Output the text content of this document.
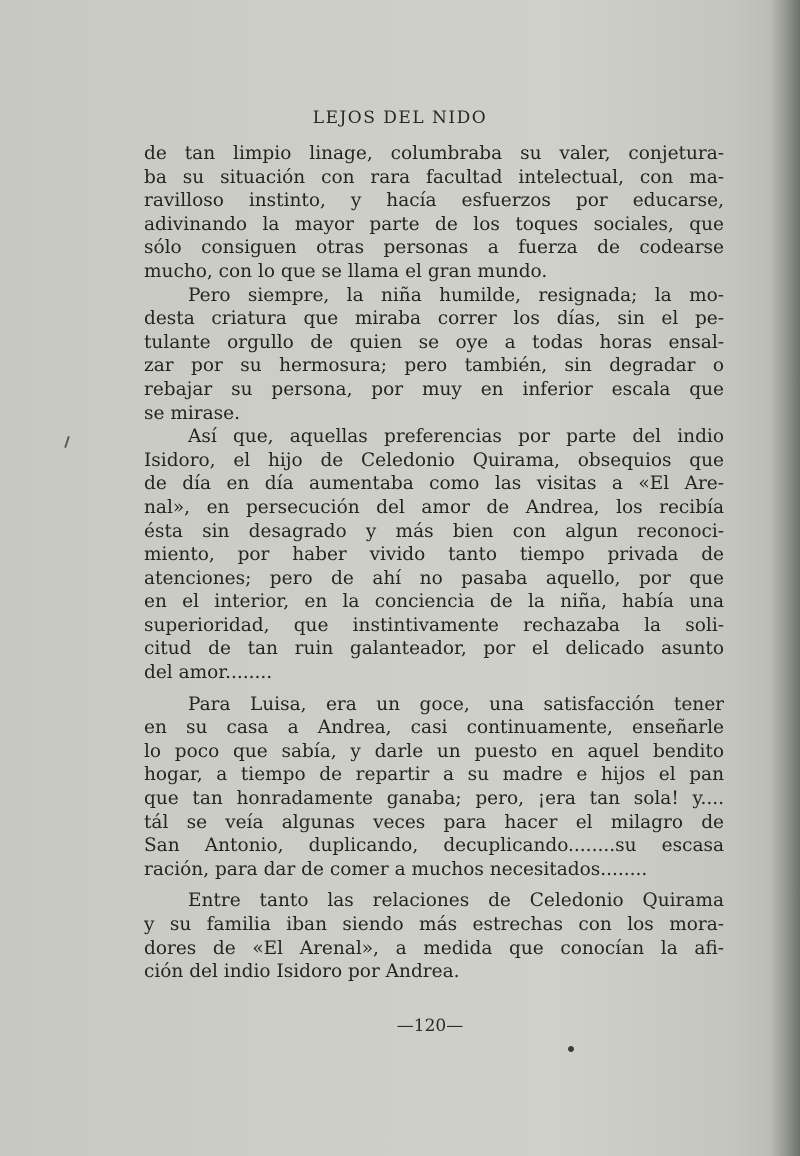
LEJOS DEL NIDO
de tan limpio linage, columbraba su valer, conjetura-
ba su situación con rara facultad intelectual, con ma-
ravilloso instinto, y hacía esfuerzos por educarse,
adivinando la mayor parte de los toques sociales, que
sólo consiguen otras personas a fuerza de codearse
mucho, con lo que se llama el gran mundo.
Pero siempre, la niña humilde, resignada; la mo-
desta criatura que miraba correr los días, sin el pe-
tulante orgullo de quien se oye a todas horas ensal-
zar por su hermosura; pero también, sin degradar o
rebajar su persona, por muy en inferior escala que
se mirase.
Así que, aquellas preferencias por parte del indio
Isidoro, el hijo de Celedonio Quirama, obsequios que
de día en día aumentaba como las visitas a «El Are-
nal», en persecución del amor de Andrea, los recibía
ésta sin desagrado y más bien con algun reconoci-
miento, por haber vivido tanto tiempo privada de
atenciones; pero de ahí no pasaba aquello, por que
en el interior, en la conciencia de la niña, había una
superioridad, que instintivamente rechazaba la soli-
citud de tan ruin galanteador, por el delicado asunto
del amor........
Para Luisa, era un goce, una satisfacción tener
en su casa a Andrea, casi continuamente, enseñarle
lo poco que sabía, y darle un puesto en aquel bendito
hogar, a tiempo de repartir a su madre e hijos el pan
que tan honradamente ganaba; pero, ¡era tan sola! y....
tál se veía algunas veces para hacer el milagro de
San Antonio, duplicando, decuplicando........su escasa
ración, para dar de comer a muchos necesitados........
Entre tanto las relaciones de Celedonio Quirama
y su familia iban siendo más estrechas con los mora-
dores de «El Arenal», a medida que conocían la afi-
ción del indio Isidoro por Andrea.
—120—
